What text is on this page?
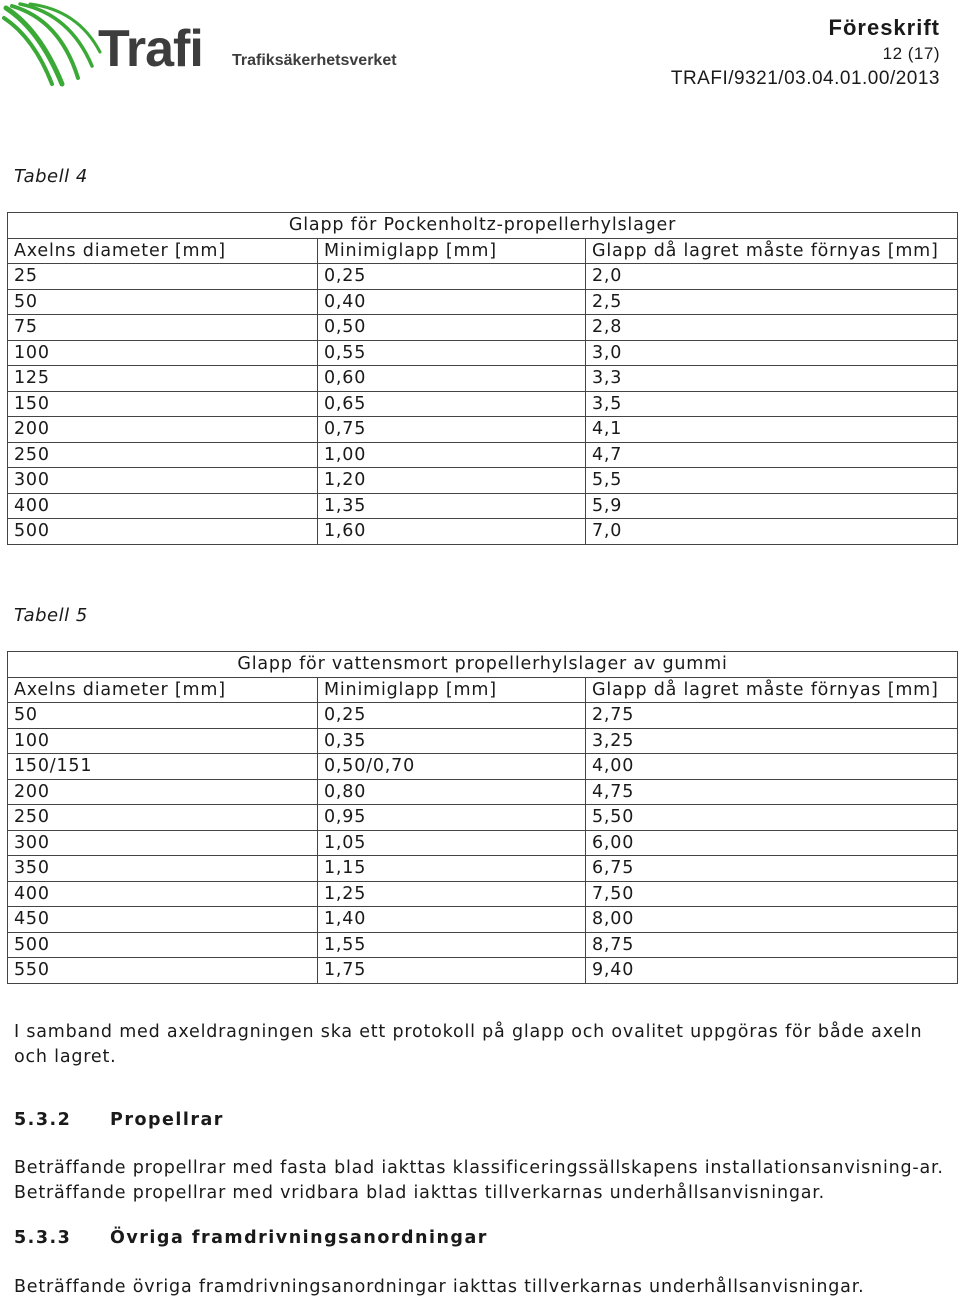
Trafi Trafiksäkerhetsverket
Föreskrift
12 (17)
TRAFI/9321/03.04.01.00/2013
Tabell 4
Glapp för Pockenholtz-propellerhylslager		
Axelns diameter [mm]	Minimiglapp [mm]	Glapp då lagret måste förnyas [mm]
25	0,25	2,0
50	0,40	2,5
75	0,50	2,8
100	0,55	3,0
125	0,60	3,3
150	0,65	3,5
200	0,75	4,1
250	1,00	4,7
300	1,20	5,5
400	1,35	5,9
500	1,60	7,0
Tabell 5
Glapp för vattensmort propellerhylslager av gummi		
Axelns diameter [mm]	Minimiglapp [mm]	Glapp då lagret måste förnyas [mm]
50	0,25	2,75
100	0,35	3,25
150/151	0,50/0,70	4,00
200	0,80	4,75
250	0,95	5,50
300	1,05	6,00
350	1,15	6,75
400	1,25	7,50
450	1,40	8,00
500	1,55	8,75
550	1,75	9,40

I samband med axeldragningen ska ett protokoll på glapp och ovalitet uppgöras för både axeln och lagret.

5.3.2 Propellrar

Beträffande propellrar med fasta blad iakttas klassificeringssällskapens installationsanvisning-ar. Beträffande propellrar med vridbara blad iakttas tillverkarnas underhållsanvisningar.

5.3.3 Övriga framdrivningsanordningar

Beträffande övriga framdrivningsanordningar iakttas tillverkarnas underhållsanvisningar.
